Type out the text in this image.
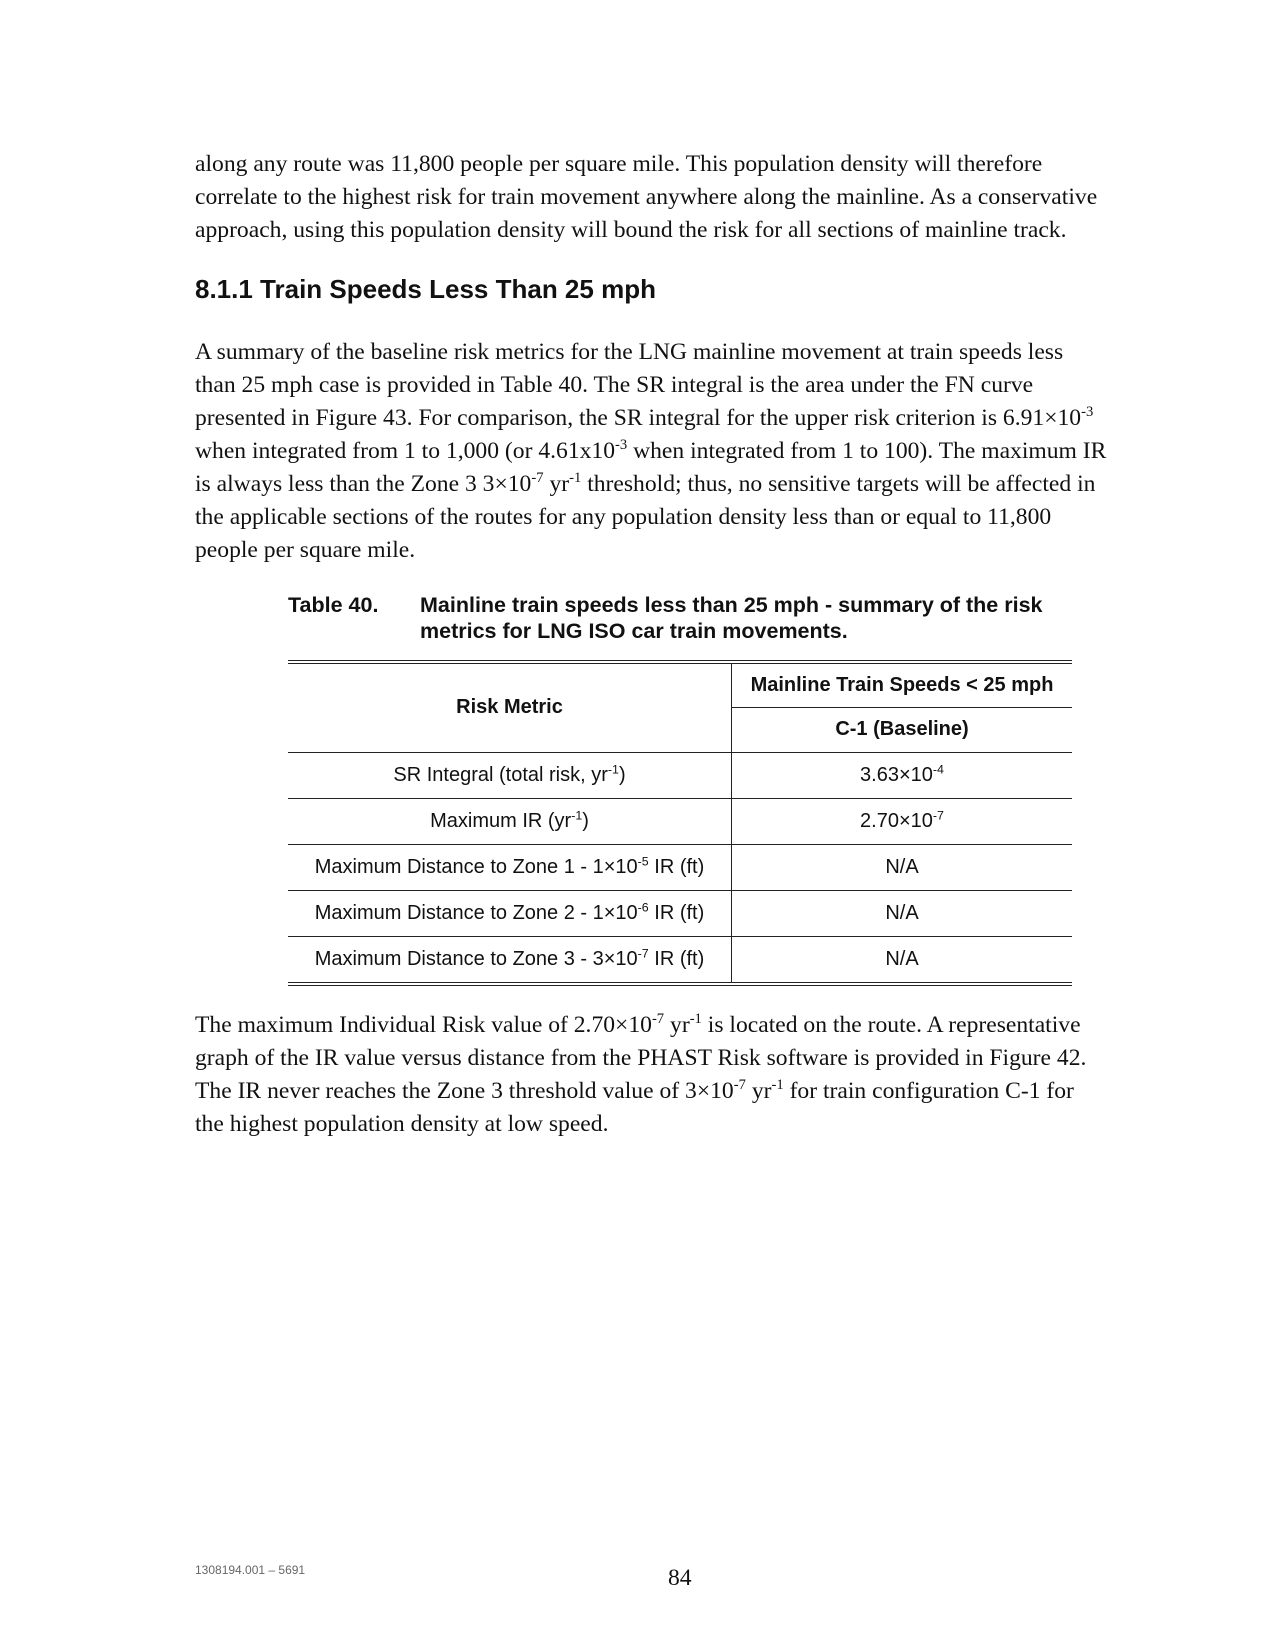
along any route was 11,800 people per square mile. This population density will therefore
correlate to the highest risk for train movement anywhere along the mainline. As a conservative
approach, using this population density will bound the risk for all sections of mainline track.

8.1.1 Train Speeds Less Than 25 mph

A summary of the baseline risk metrics for the LNG mainline movement at train speeds less
than 25 mph case is provided in Table 40. The SR integral is the area under the FN curve
presented in Figure 43. For comparison, the SR integral for the upper risk criterion is $6.91\times 10^{-3}$
when integrated from 1 to 1,000 (or $4.61x10^{-3}$ when integrated from 1 to 100). The maximum IR
is always less than the Zone 3 $3\times 10^{-7}$ $yr^{-1}$ threshold; thus, no sensitive targets will be affected in
the applicable sections of the routes for any population density less than or equal to 11,800
people per square mile.

Table 40. Mainline train speeds less than 25 mph - summary of the risk metrics for LNG ISO car train movements.
Risk Metric	Mainline Train Speeds < 25 mph
	C-1 (Baseline)
SR Integral (total risk, $yr^{-1}$)	$3.63\times 10^{-4}$
Maximum IR $(yr^{-1})$	$2.70\times 10^{-7}$
Maximum Distance to Zone $1 - 1\times 10^{-5}$ IR (ft)	N/A
Maximum Distance to Zone $2 - 1\times 10^{-6}$ IR (ft)	N/A
Maximum Distance to Zone $3 - 3\times 10^{-7}$ IR (ft)	N/A

The maximum Individual Risk value of $2.70\times 10^{-7}$ $yr^{-1}$ is located on the route. A representative
graph of the IR value versus distance from the PHAST Risk software is provided in Figure 42.
The IR never reaches the Zone 3 threshold value of $3\times 10^{-7}$ $yr^{-1}$ for train configuration C-1 for
the highest population density at low speed.

1308194.001 – 5691	84
